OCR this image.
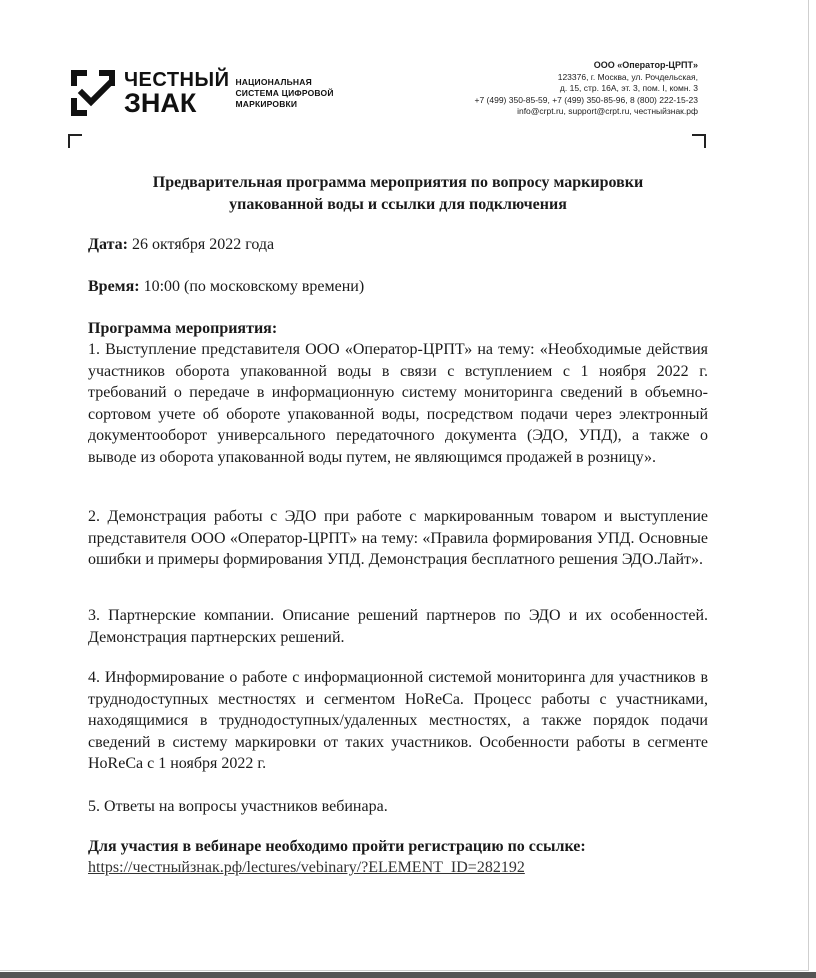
ЧЕСТНЫЙ
ЗНАК
НАЦИОНАЛЬНАЯ
СИСТЕМА ЦИФРОВОЙ
МАРКИРОВКИ
ООО «Оператор-ЦРПТ»
123376, г. Москва, ул. Рочдельская,
д. 15, стр. 16А, эт. 3, пом. I, комн. 3
+7 (499) 350-85-59, +7 (499) 350-85-96, 8 (800) 222-15-23
info@crpt.ru, support@crpt.ru, честныйзнак.рф
Предварительная программа мероприятия по вопросу маркировки
упакованной воды и ссылки для подключения
Дата: 26 октября 2022 года
Время: 10:00 (по московскому времени)
Программа мероприятия:
1. Выступление представителя ООО «Оператор-ЦРПТ» на тему: «Необходимые действия участников оборота упакованной воды в связи с вступлением с 1 ноября 2022 г. требований о передаче в информационную систему мониторинга сведений в объемно-сортовом учете об обороте упакованной воды, посредством подачи через электронный документооборот универсального передаточного документа (ЭДО, УПД), а также о выводе из оборота упакованной воды путем, не являющимся продажей в розницу».
2. Демонстрация работы с ЭДО при работе с маркированным товаром и выступление представителя ООО «Оператор-ЦРПТ» на тему: «Правила формирования УПД. Основные ошибки и примеры формирования УПД. Демонстрация бесплатного решения ЭДО.Лайт».
3. Партнерские компании. Описание решений партнеров по ЭДО и их особенностей. Демонстрация партнерских решений.
4. Информирование о работе с информационной системой мониторинга для участников в труднодоступных местностях и сегментом HoReCa. Процесс работы с участниками, находящимися в труднодоступных/удаленных местностях, а также порядок подачи сведений в систему маркировки от таких участников. Особенности работы в сегменте HoReCa с 1 ноября 2022 г.
5. Ответы на вопросы участников вебинара.
Для участия в вебинаре необходимо пройти регистрацию по ссылке:
https://честныйзнак.рф/lectures/vebinary/?ELEMENT_ID=282192
